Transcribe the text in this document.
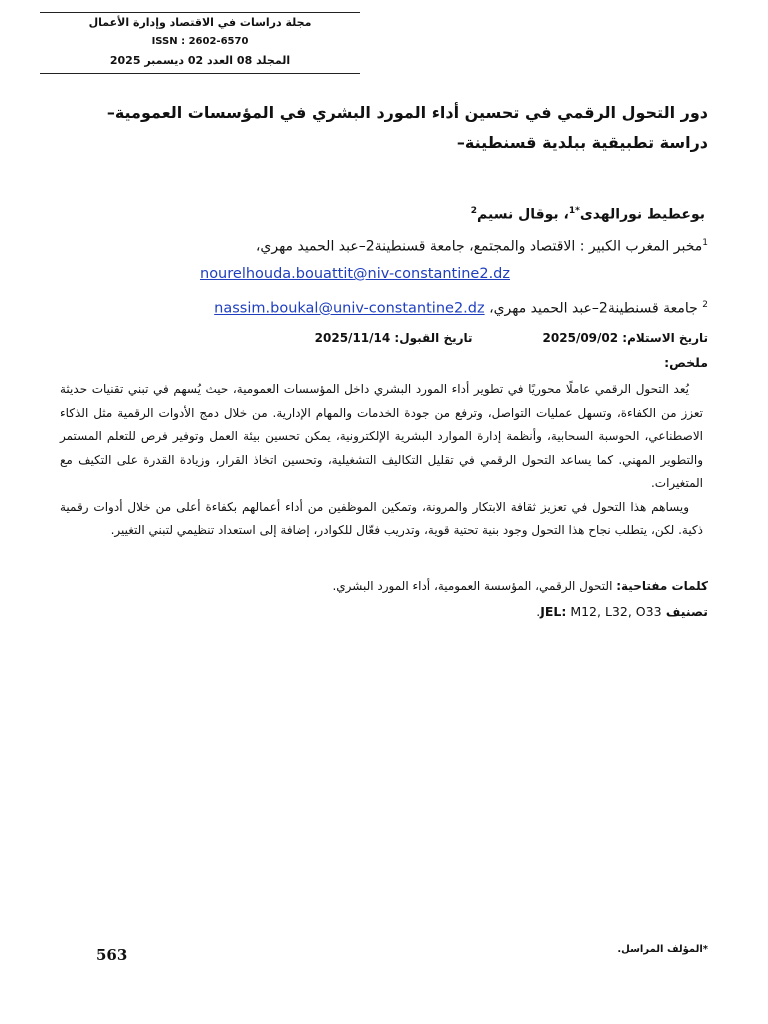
مجلة دراسات في الاقتصاد وإدارة الأعمال
ISSN : 2602-6570
المجلد 08 العدد 02 ديسمبر 2025
دور التحول الرقمي في تحسين أداء المورد البشري في المؤسسات العمومية–دراسة تطبيقية ببلدية قسنطينة–
بوعطيط نورالهدى$^{*1}$، بوقال نسيم$^2$
$^1$مخبر المغرب الكبير : الاقتصاد والمجتمع، جامعة قسنطينة2–عبد الحميد مهري،
nourelhouda.bouattit@niv-constantine2.dz
$^2$ جامعة قسنطينة2–عبد الحميد مهري، nassim.boukal@univ-constantine2.dz
تاريخ الاستلام: 2025/09/02تاريخ القبول: 2025/11/14
ملخص:

يُعد التحول الرقمي عاملًا محوريًا في تطوير أداء المورد البشري داخل المؤسسات العمومية، حيث يُسهم في تبني تقنيات حديثة تعزز من الكفاءة، وتسهل عمليات التواصل، وترفع من جودة الخدمات والمهام الإدارية. من خلال دمج الأدوات الرقمية مثل الذكاء الاصطناعي، الحوسبة السحابية، وأنظمة إدارة الموارد البشرية الإلكترونية، يمكن تحسين بيئة العمل وتوفير فرص للتعلم المستمر والتطوير المهني. كما يساعد التحول الرقمي في تقليل التكاليف التشغيلية، وتحسين اتخاذ القرار، وزيادة القدرة على التكيف مع المتغيرات.

ويساهم هذا التحول في تعزيز ثقافة الابتكار والمرونة، وتمكين الموظفين من أداء أعمالهم بكفاءة أعلى من خلال أدوات رقمية ذكية. لكن، يتطلب نجاح هذا التحول وجود بنية تحتية قوية، وتدريب فعّال للكوادر، إضافة إلى استعداد تنظيمي لتبني التغيير.

كلمات مفتاحية: التحول الرقمي، المؤسسة العمومية، أداء المورد البشري.
تصنيف JEL: M12, L32, O33.
*المؤلف المراسل.
563
